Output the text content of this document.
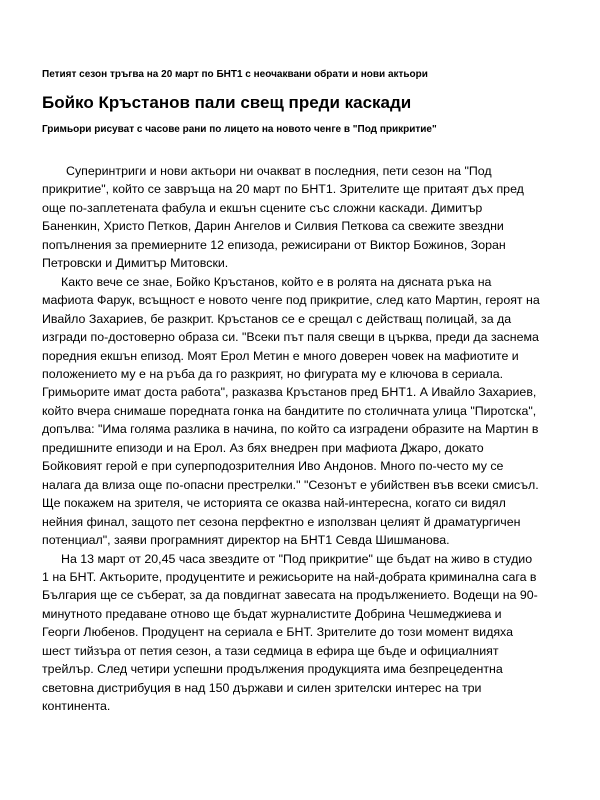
Петият сезон тръгва на 20 март по БНТ1 с неочаквани обрати и нови актьори
Бойко Кръстанов пали свещ преди каскади
Гримьори рисуват с часове рани по лицето на новото ченге в "Под прикритие"

Суперинтриги и нови актьори ни очакват в последния, пети сезон на "Под прикритие", който се завръща на 20 март по БНТ1. Зрителите ще притаят дъх пред още по-заплетената фабула и екшън сцените със сложни каскади. Димитър Баненкин, Христо Петков, Дарин Ангелов и Силвия Петкова са свежите звездни попълнения за премиерните 12 епизода, режисирани от Виктор Божинов, Зоран Петровски и Димитър Митовски.

Както вече се знае, Бойко Кръстанов, който е в ролята на дясната ръка на мафиота Фарук, всъщност е новото ченге под прикритие, след като Мартин, героят на Ивайло Захариев, бе разкрит. Кръстанов се е срещал с действащ полицай, за да изгради по-достоверно образа си. "Всеки път паля свещи в църква, преди да заснема поредния екшън епизод. Моят Ерол Метин е много доверен човек на мафиотите и положението му е на ръба да го разкрият, но фигурата му е ключова в сериала. Гримьорите имат доста работа", разказва Кръстанов пред БНТ1. А Ивайло Захариев, който вчера снимаше поредната гонка на бандитите по столичната улица "Пиротска", допълва: "Има голяма разлика в начина, по който са изградени образите на Мартин в предишните епизоди и на Ерол. Аз бях внедрен при мафиота Джаро, докато Бойковият герой е при суперподозрителния Иво Андонов. Много по-често му се налага да влиза още по-опасни престрелки." "Сезонът е убийствен във всеки смисъл. Ще покажем на зрителя, че историята се оказва най-интересна, когато си видял нейния финал, защото пет сезона перфектно е използван целият й драматургичен потенциал", заяви програмният директор на БНТ1 Севда Шишманова.

На 13 март от 20,45 часа звездите от "Под прикритие" ще бъдат на живо в студио 1 на БНТ. Актьорите, продуцентите и режисьорите на най-добрата криминална сага в България ще се съберат, за да повдигнат завесата на продължението. Водещи на 90-минутното предаване отново ще бъдат журналистите Добрина Чешмеджиева и Георги Любенов. Продуцент на сериала е БНТ. Зрителите до този момент видяха шест тийзъра от петия сезон, а тази седмица в ефира ще бъде и официалният трейлър. След четири успешни продължения продукцията има безпрецедентна световна дистрибуция в над 150 държави и силен зрителски интерес на три континента.
